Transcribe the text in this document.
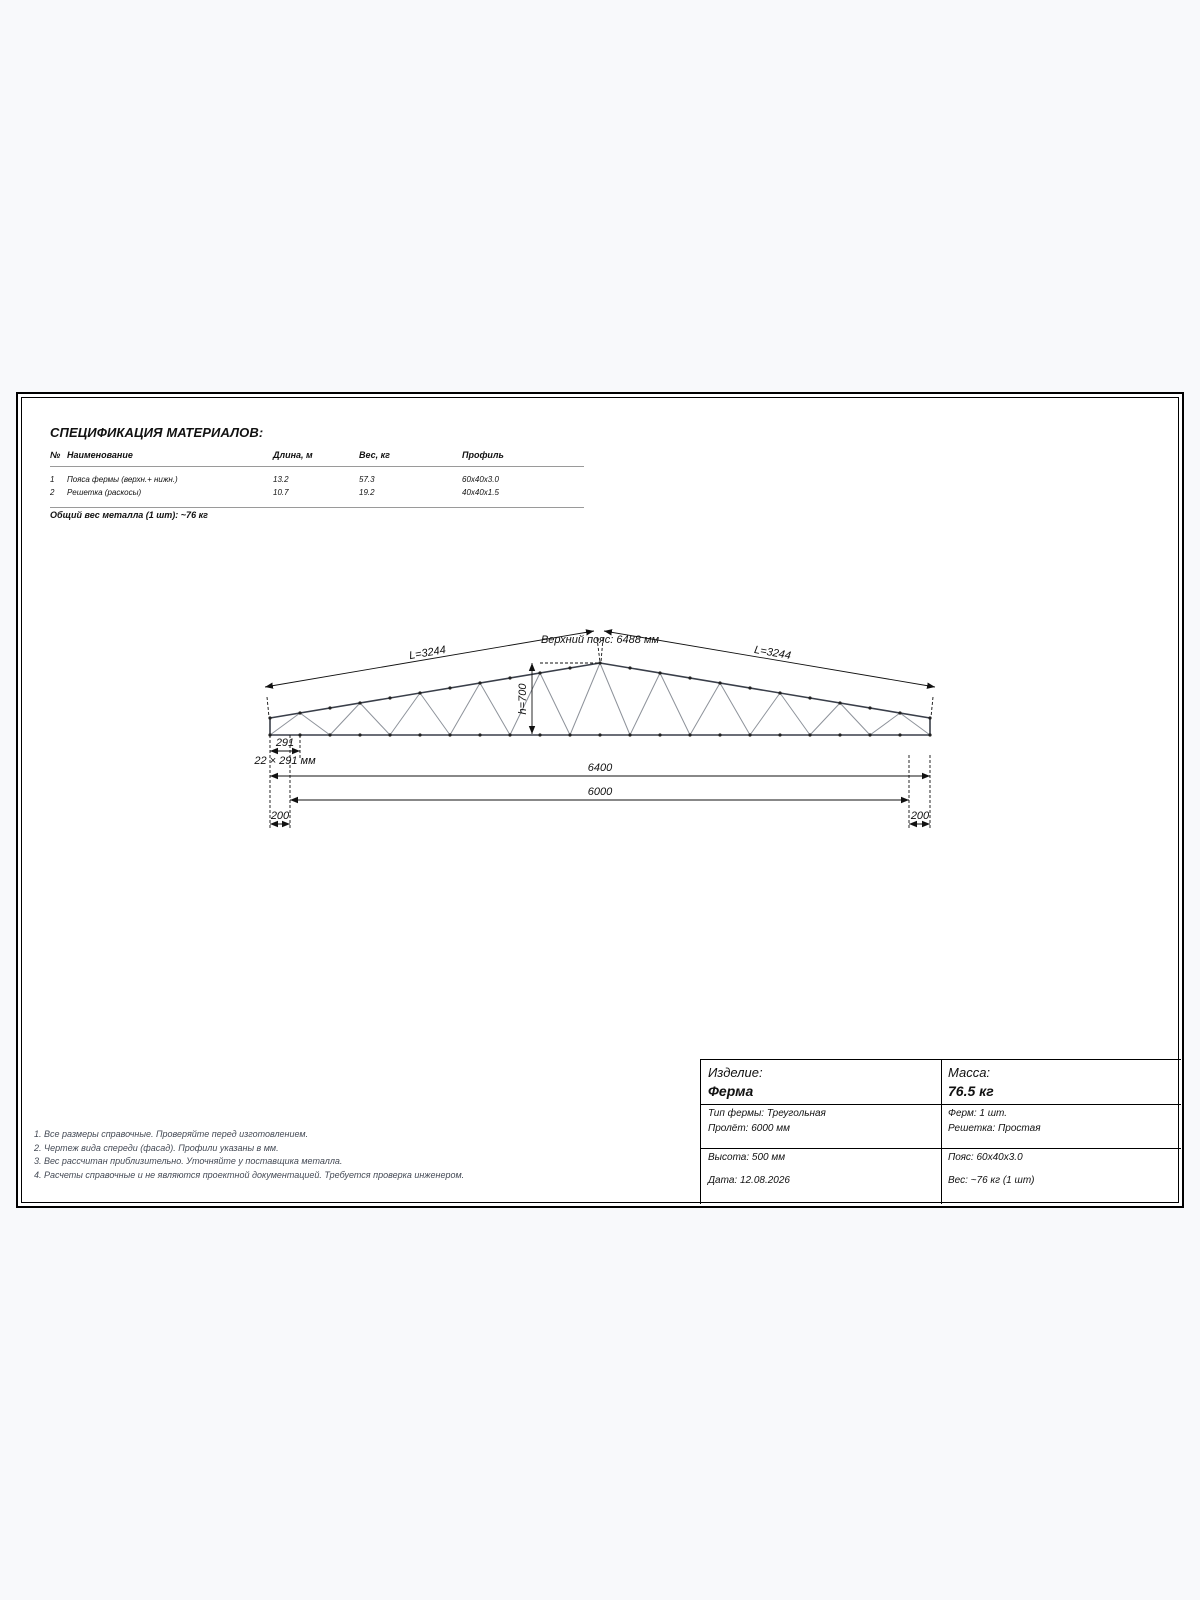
СПЕЦИФИКАЦИЯ МАТЕРИАЛОВ:
№ Наименование	Длина, м	Вес, кг	Профиль
1 Пояса фермы (верхн.+ нижн.)	13.2	57.3	60x40x3.0
2 Решетка (раскосы)	10.7	19.2	40x40x1.5
Общий вес металла (1 шт): ~76 кг
L=3244	L=3244
Верхний пояс: 6488 мм
h=700
291
22 × 291 мм
6400
6000
200	200
1. Все размеры справочные. Проверяйте перед изготовлением.
2. Чертеж вида спереди (фасад). Профили указаны в мм.
3. Вес рассчитан приблизительно. Уточняйте у поставщика металла.
4. Расчеты справочные и не являются проектной документацией. Требуется проверка инженером.
Изделие:
Ферма
Масса:
76.5 кг
Тип фермы: Треугольная
Пролёт: 6000 мм
Ферм: 1 шт.
Решетка: Простая
Высота: 500 мм
Дата: 12.08.2026
Пояс: 60x40x3.0
Вес: ~76 кг (1 шт)
